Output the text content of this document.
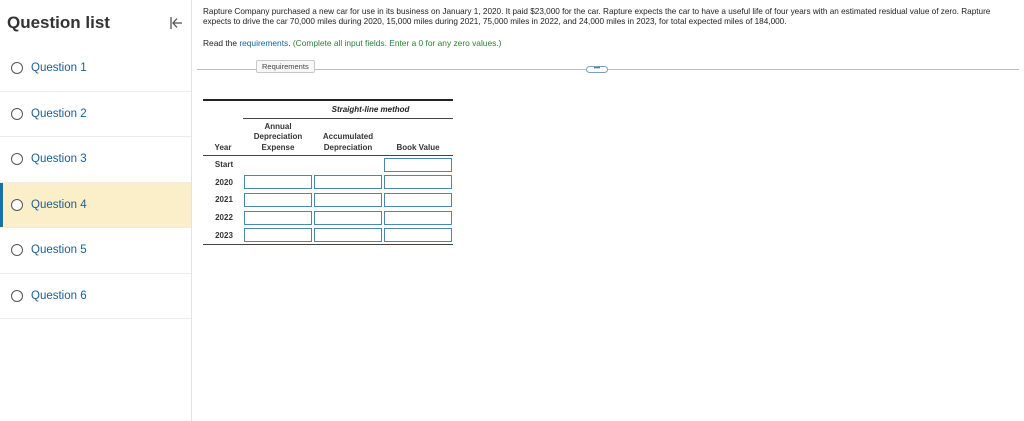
Question list
Question 1
Question 2
Question 3
Question 4
Question 5
Question 6

Rapture Company purchased a new car for use in its business on January 1, 2020. It paid $23,000 for the car. Rapture expects the car to have a useful life of four years with an estimated residual value of zero. Rapture expects to drive the car 70,000 miles during 2020, 15,000 miles during 2021, 75,000 miles in 2022, and 24,000 miles in 2023, for total expected miles of 184,000.

Read the requirements. (Complete all input fields. Enter a 0 for any zero values.)

Requirements	•••
Straight-line method
Year
Annual Depreciation Expense
Accumulated Depreciation	Book Value
Start
2020
2021
2022
2023
